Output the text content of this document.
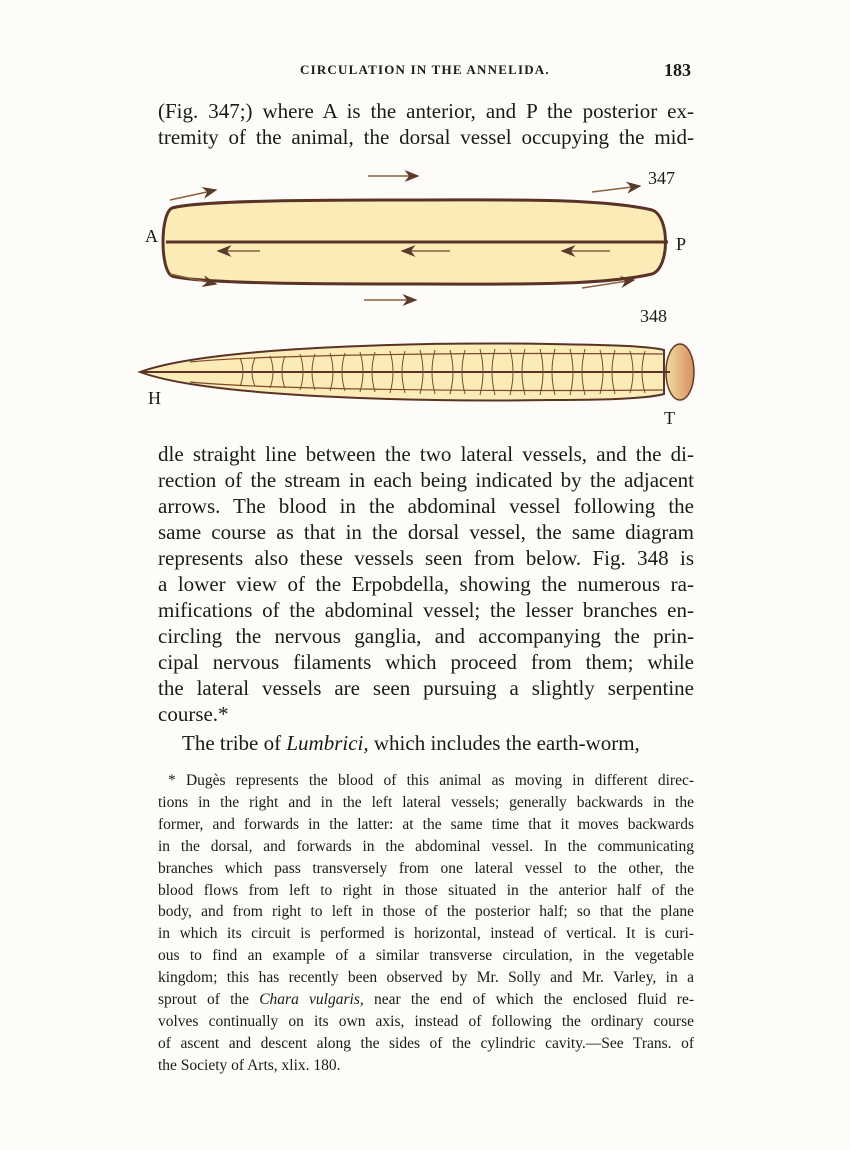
CIRCULATION IN THE ANNELIDA.	183
(Fig. 347;) where A is the anterior, and P the posterior ex-
tremity of the animal, the dorsal vessel occupying the mid-
347
A	P
348
H
T
dle straight line between the two lateral vessels, and the di-
rection of the stream in each being indicated by the adjacent
arrows. The blood in the abdominal vessel following the
same course as that in the dorsal vessel, the same diagram
represents also these vessels seen from below. Fig. 348 is
a lower view of the Erpobdella, showing the numerous ra-
mifications of the abdominal vessel; the lesser branches en-
circling the nervous ganglia, and accompanying the prin-
cipal nervous filaments which proceed from them; while
the lateral vessels are seen pursuing a slightly serpentine
course.*
The tribe of Lumbrici, which includes the earth-worm,
* Dugès represents the blood of this animal as moving in different direc-
tions in the right and in the left lateral vessels; generally backwards in the
former, and forwards in the latter: at the same time that it moves backwards
in the dorsal, and forwards in the abdominal vessel. In the communicating
branches which pass transversely from one lateral vessel to the other, the
blood flows from left to right in those situated in the anterior half of the
body, and from right to left in those of the posterior half; so that the plane
in which its circuit is performed is horizontal, instead of vertical. It is curi-
ous to find an example of a similar transverse circulation, in the vegetable
kingdom; this has recently been observed by Mr. Solly and Mr. Varley, in a
sprout of the Chara vulgaris, near the end of which the enclosed fluid re-
volves continually on its own axis, instead of following the ordinary course
of ascent and descent along the sides of the cylindric cavity.—See Trans. of
the Society of Arts, xlix. 180.
